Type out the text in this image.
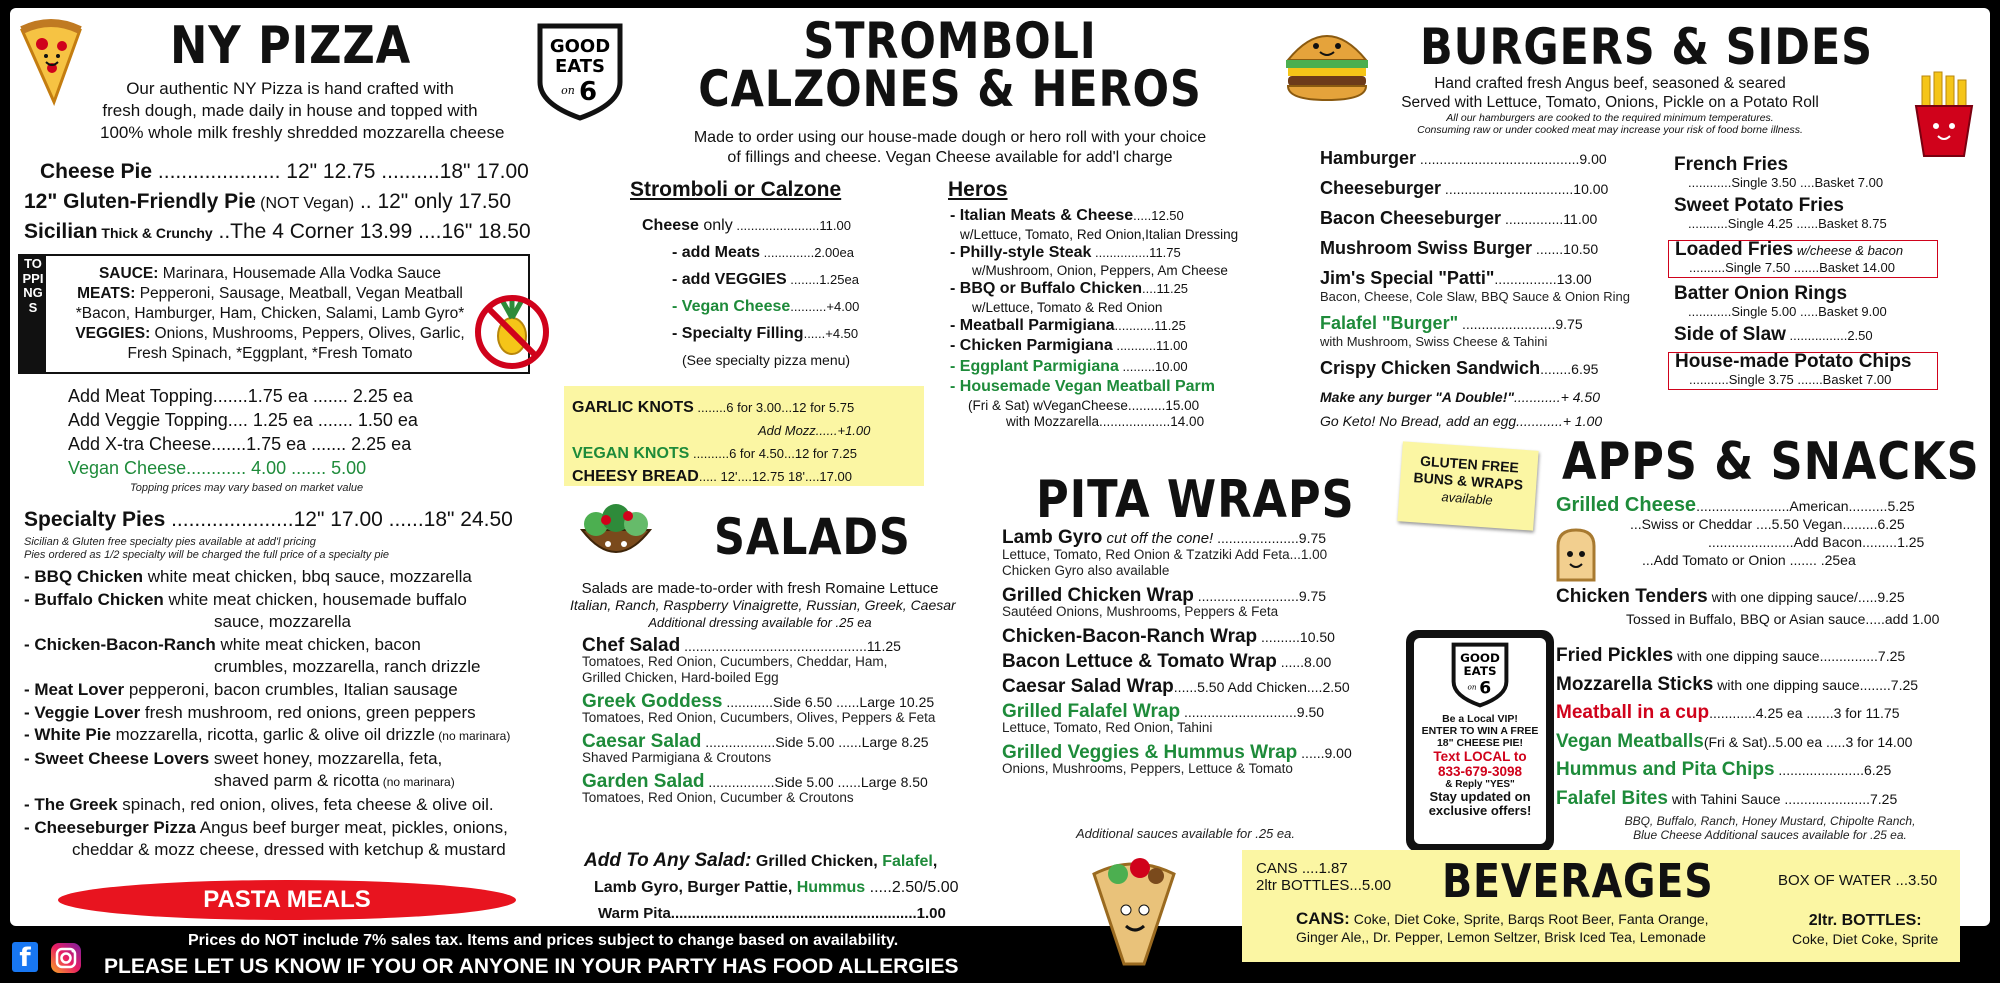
NY PIZZA	GOOD
EATS
on 6
Our authentic NY Pizza is hand crafted with
fresh dough, made daily in house and topped with
100% whole milk freshly shredded mozzarella cheese
Cheese Pie ..................... 12" 12.75 ..........18" 17.00
12" Gluten-Friendly Pie (NOT Vegan) .. 12" only 17.50
Sicilian Thick & Crunchy ..The 4 Corner 13.99 ....16" 18.50
TOPPINGS
SAUCE: Marinara, Housemade Alla Vodka Sauce
MEATS: Pepperoni, Sausage, Meatball, Vegan Meatball
*Bacon, Hamburger, Ham, Chicken, Salami, Lamb Gyro*
VEGGIES: Onions, Mushrooms, Peppers, Olives, Garlic,
Fresh Spinach, *Eggplant, *Fresh Tomato
Add Meat Topping.......1.75 ea ....... 2.25 ea
Add Veggie Topping.... 1.25 ea ....... 1.50 ea
Add X-tra Cheese.......1.75 ea ....... 2.25 ea
Vegan Cheese............ 4.00 ....... 5.00
Topping prices may vary based on market value
Specialty Pies .....................12" 17.00 ......18" 24.50
Sicilian & Gluten free specialty pies available at add'l pricing
Pies ordered as 1/2 specialty will be charged the full price of a specialty pie
- BBQ Chicken white meat chicken, bbq sauce, mozzarella
- Buffalo Chicken white meat chicken, housemade buffalo
sauce, mozzarella
- Chicken-Bacon-Ranch white meat chicken, bacon
crumbles, mozzarella, ranch drizzle
- Meat Lover pepperoni, bacon crumbles, Italian sausage
- Veggie Lover fresh mushroom, red onions, green peppers
- White Pie mozzarella, ricotta, garlic & olive oil drizzle (no marinara)
- Sweet Cheese Lovers sweet honey, mozzarella, feta,
shaved parm & ricotta (no marinara)
- The Greek spinach, red onion, olives, feta cheese & olive oil.
- Cheeseburger Pizza Angus beef burger meat, pickles, onions,
cheddar & mozz cheese, dressed with ketchup & mustard
PASTA MEALS
STROMBOLI
CALZONES & HEROS
Made to order using our house-made dough or hero roll with your choice
of fillings and cheese. Vegan Cheese available for add'l charge
Stromboli or Calzone
Cheese only .......................11.00
- add Meats ..............2.00ea
- add VEGGIES ........1.25ea
- Vegan Cheese..........+4.00
- Specialty Filling......+4.50
(See specialty pizza menu)
Heros
- Italian Meats & Cheese.....12.50
w/Lettuce, Tomato, Red Onion,Italian Dressing
- Philly-style Steak ...............11.75
w/Mushroom, Onion, Peppers, Am Cheese
- BBQ or Buffalo Chicken....11.25
w/Lettuce, Tomato & Red Onion
- Meatball Parmigiana...........11.25
- Chicken Parmigiana ...........11.00
- Eggplant Parmigiana .........10.00
- Housemade Vegan Meatball Parm
(Fri & Sat) wVeganCheese..........15.00
with Mozzarella...................14.00
GARLIC KNOTS ........6 for 3.00...12 for 5.75
Add Mozz......+1.00
VEGAN KNOTS ..........6 for 4.50...12 for 7.25
CHEESY BREAD..... 12'....12.75 18'....17.00
SALADS
Salads are made-to-order with fresh Romaine Lettuce
Italian, Ranch, Raspberry Vinaigrette, Russian, Greek, Caesar
Additional dressing available for .25 ea
Chef Salad ...............................................11.25
Tomatoes, Red Onion, Cucumbers, Cheddar, Ham,
Grilled Chicken, Hard-boiled Egg
Greek Goddess ............Side 6.50 ......Large 10.25
Tomatoes, Red Onion, Cucumbers, Olives, Peppers & Feta
Caesar Salad ..................Side 5.00 ......Large 8.25
Shaved Parmigiana & Croutons
Garden Salad .................Side 5.00 ......Large 8.50
Tomatoes, Red Onion, Cucumber & Croutons
Add To Any Salad: Grilled Chicken, Falafel,
Lamb Gyro, Burger Pattie, Hummus .....2.50/5.00
Warm Pita...........................................................1.00
PITA WRAPS
GLUTEN FREE
BUNS & WRAPS
available
Lamb Gyro cut off the cone! .....................9.75
Lettuce, Tomato, Red Onion & Tzatziki Add Feta...1.00
Chicken Gyro also available
Grilled Chicken Wrap ..........................9.75
Sautéed Onions, Mushrooms, Peppers & Feta
Chicken-Bacon-Ranch Wrap ..........10.50
Bacon Lettuce & Tomato Wrap ......8.00
Caesar Salad Wrap......5.50 Add Chicken....2.50
Grilled Falafel Wrap .............................9.50
Lettuce, Tomato, Red Onion, Tahini
Grilled Veggies & Hummus Wrap ......9.00
Onions, Mushrooms, Peppers, Lettuce & Tomato
Additional sauces available for .25 ea.
GOOD
EATS
on 6
Be a Local VIP!
ENTER TO WIN A FREE
18" CHEESE PIE!
Text LOCAL to
833-679-3098
& Reply "YES"
Stay updated on
exclusive offers!
BURGERS & SIDES
Hand crafted fresh Angus beef, seasoned & seared
Served with Lettuce, Tomato, Onions, Pickle on a Potato Roll
All our hamburgers are cooked to the required minimum temperatures.
Consuming raw or under cooked meat may increase your risk of food borne illness.
Hamburger .........................................9.00
Cheeseburger .................................10.00
Bacon Cheeseburger ...............11.00
Mushroom Swiss Burger .......10.50
Jim's Special "Patti"................13.00
Bacon, Cheese, Cole Slaw, BBQ Sauce & Onion Ring
Falafel "Burger" ........................9.75
with Mushroom, Swiss Cheese & Tahini
Crispy Chicken Sandwich........6.95
Make any burger "A Double!"............+ 4.50
Go Keto! No Bread, add an egg............+ 1.00
French Fries
............Single 3.50 ....Basket 7.00
Sweet Potato Fries
...........Single 4.25 ......Basket 8.75
Loaded Fries w/cheese & bacon
..........Single 7.50 .......Basket 14.00
Batter Onion Rings
............Single 5.00 .....Basket 9.00
Side of Slaw ................2.50
House-made Potato Chips
...........Single 3.75 .......Basket 7.00
APPS & SNACKS
Grilled Cheese........................American..........5.25
...Swiss or Cheddar ....5.50 Vegan.........6.25
......................Add Bacon.........1.25
...Add Tomato or Onion ....... .25ea
Chicken Tenders with one dipping sauce/.....9.25
Tossed in Buffalo, BBQ or Asian sauce.....add 1.00
Fried Pickles with one dipping sauce...............7.25
Mozzarella Sticks with one dipping sauce........7.25
Meatball in a cup............4.25 ea .......3 for 11.75
Vegan Meatballs(Fri & Sat)..5.00 ea .....3 for 14.00
Hummus and Pita Chips ......................6.25
Falafel Bites with Tahini Sauce ......................7.25
BBQ, Buffalo, Ranch, Honey Mustard, Chipolte Ranch,
Blue Cheese Additional sauces available for .25 ea.
CANS ....1.87
2ltr BOTTLES...5.00 BEVERAGES	BOX OF WATER ...3.50
CANS: Coke, Diet Coke, Sprite, Barqs Root Beer, Fanta Orange,
Ginger Ale,, Dr. Pepper, Lemon Seltzer, Brisk Iced Tea, Lemonade
2ltr. BOTTLES:
Coke, Diet Coke, Sprite
f
Prices do NOT include 7% sales tax. Items and prices subject to change based on availability.
PLEASE LET US KNOW IF YOU OR ANYONE IN YOUR PARTY HAS FOOD ALLERGIES
